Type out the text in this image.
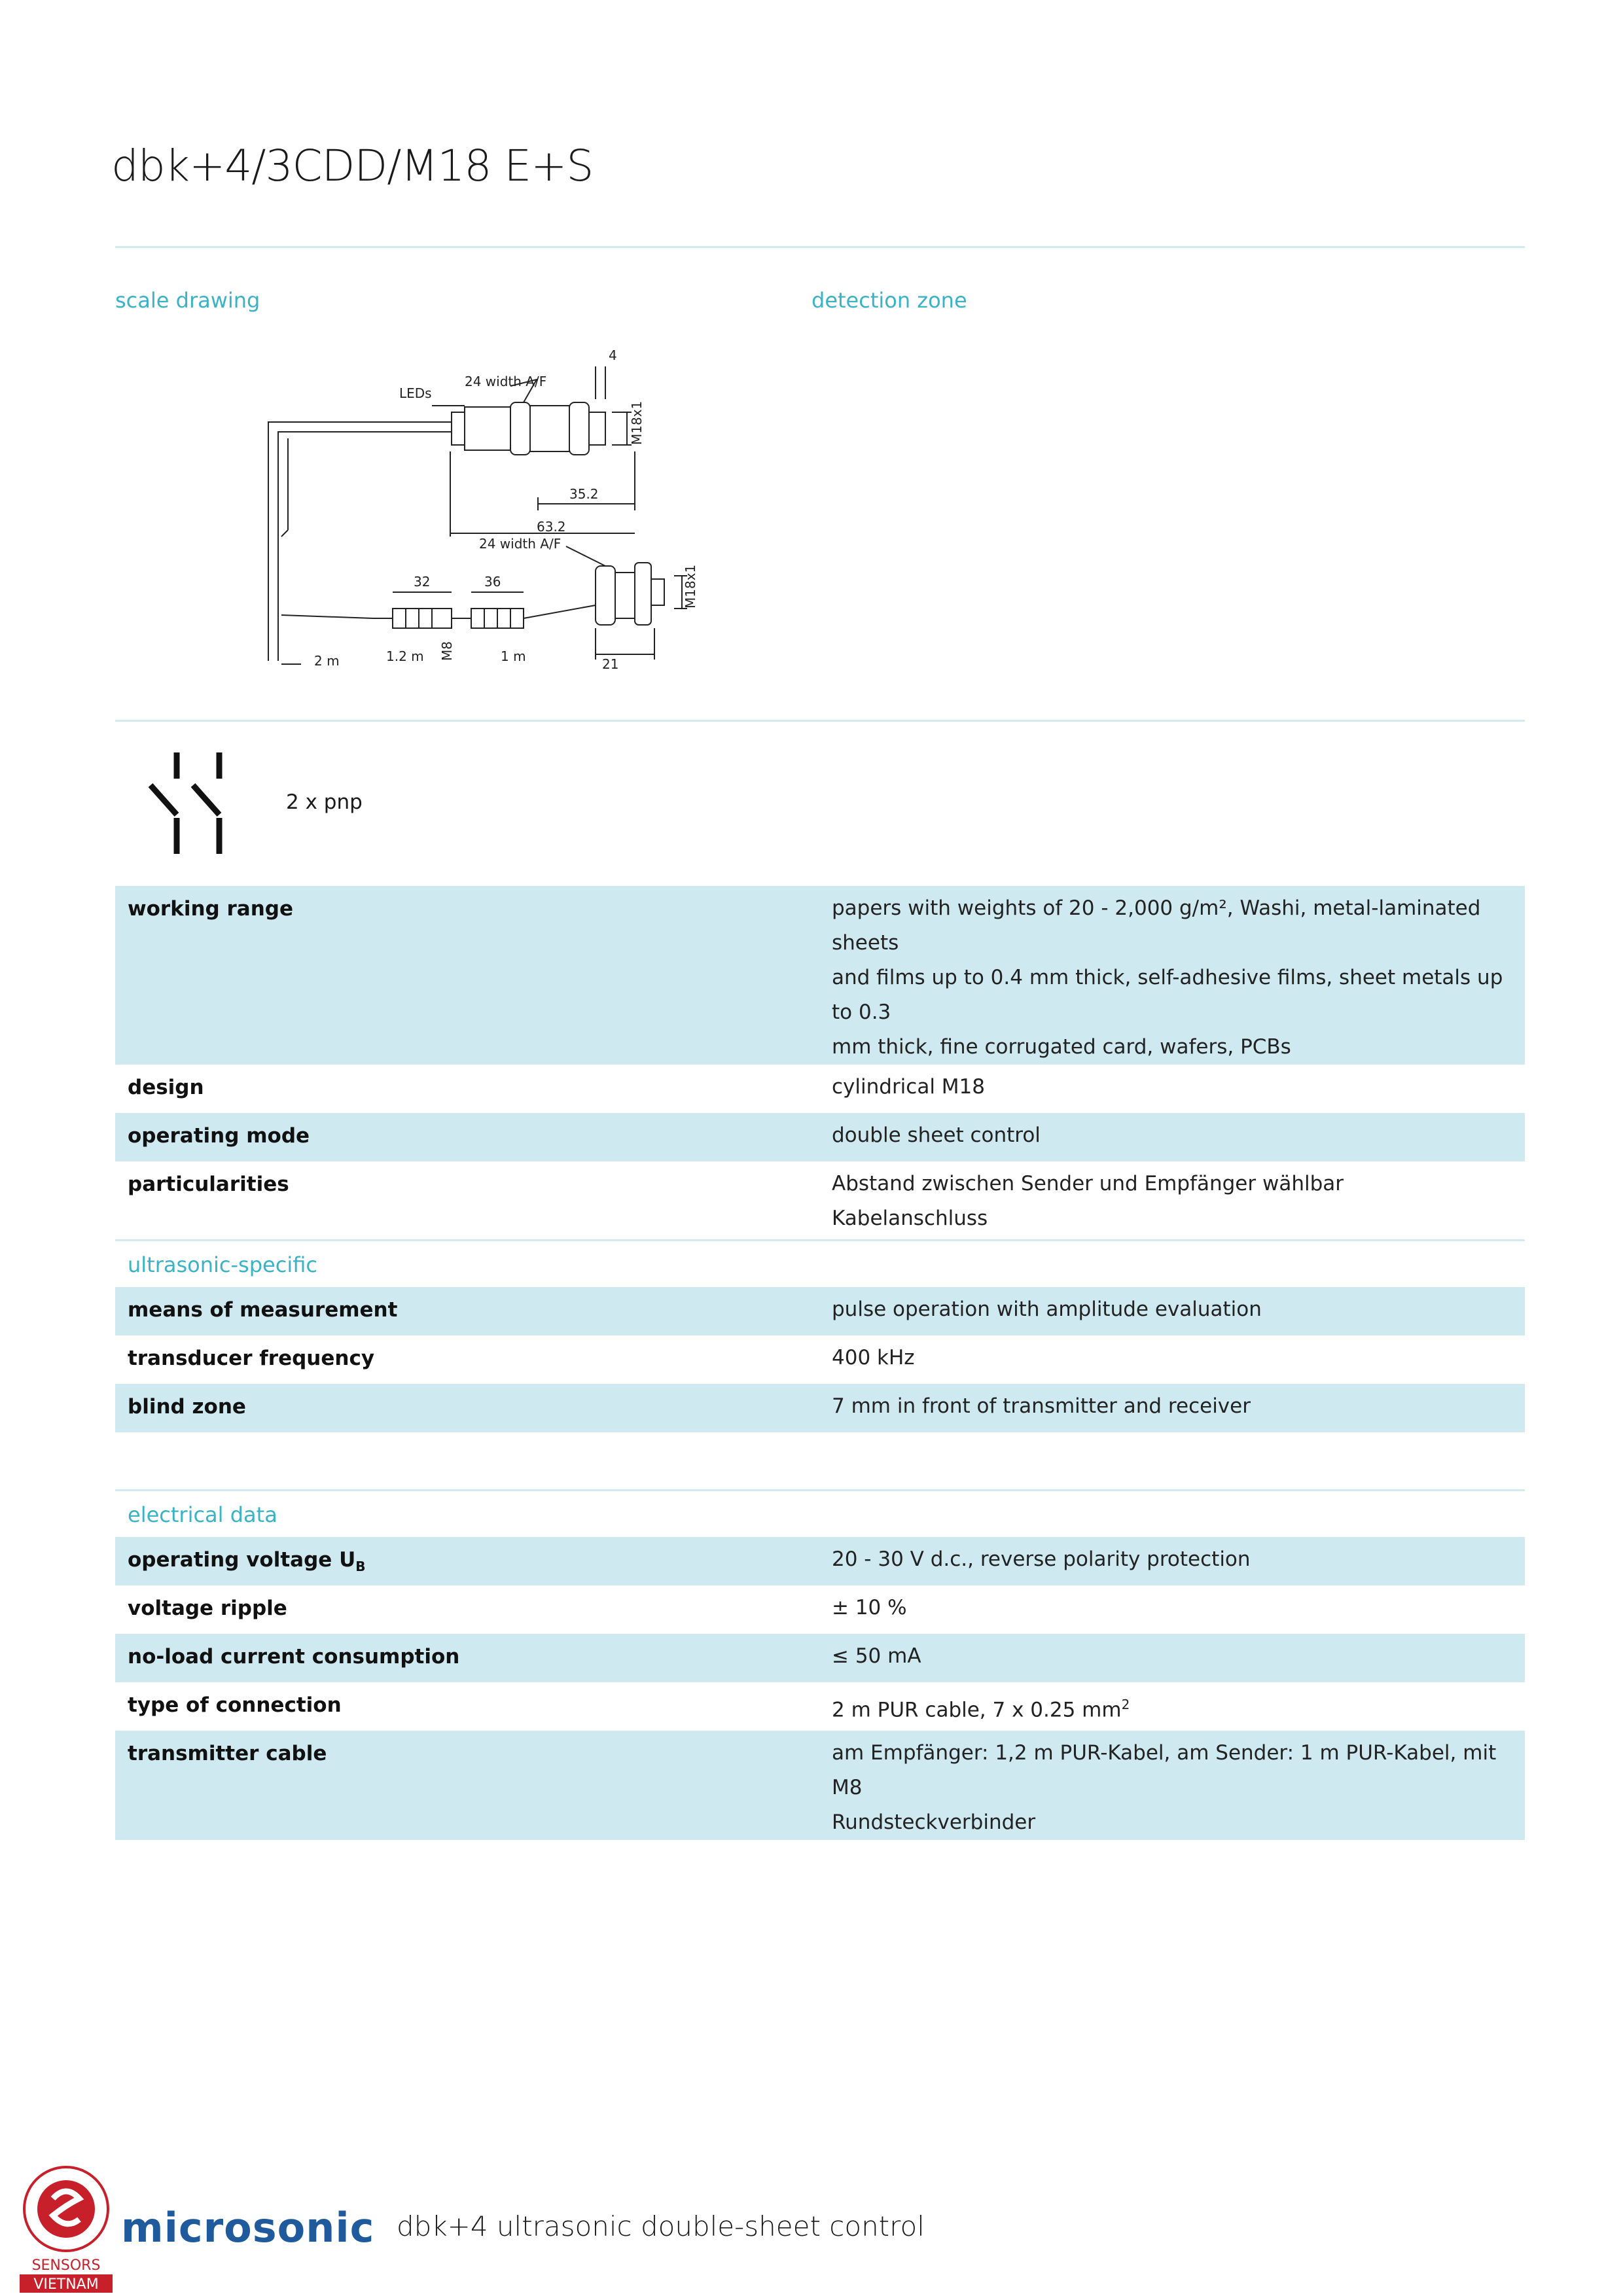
dbk+4/3CDD/M18 E+S
scale drawing	detection zone
LEDs
24 width A/F
4
M18x1
35.2
63.2
24 width A/F
32	36	M18x1
2 m	1.2 m M8	1 m	21
2 x pnp
working range	papers with weights of 20 - 2,000 g/m², Washi, metal-laminated sheets
and films up to 0.4 mm thick, self-adhesive films, sheet metals up to 0.3
mm thick, fine corrugated card, wafers, PCBs

design	cylindrical M18

operating mode	double sheet control

particularities	Abstand zwischen Sender und Empfänger wählbar
Kabelanschluss
ultrasonic-specific	
means of measurement	pulse operation with amplitude evaluation

transducer frequency	400 kHz

blind zone	7 mm in front of transmitter and receiver
electrical data	
operating voltage $U_B$	20 - 30 V d.c., reverse polarity protection

voltage ripple	± 10 %

no-load current consumption	≤ 50 mA

type of connection	2 m PUR cable, 7 x 0.25 $mm^2$

transmitter cable	am Empfänger: 1,2 m PUR-Kabel, am Sender: 1 m PUR-Kabel, mit M8
Rundsteckverbinder
SENSORS
VIETNAM
microsonic dbk+4 ultrasonic double-sheet control
